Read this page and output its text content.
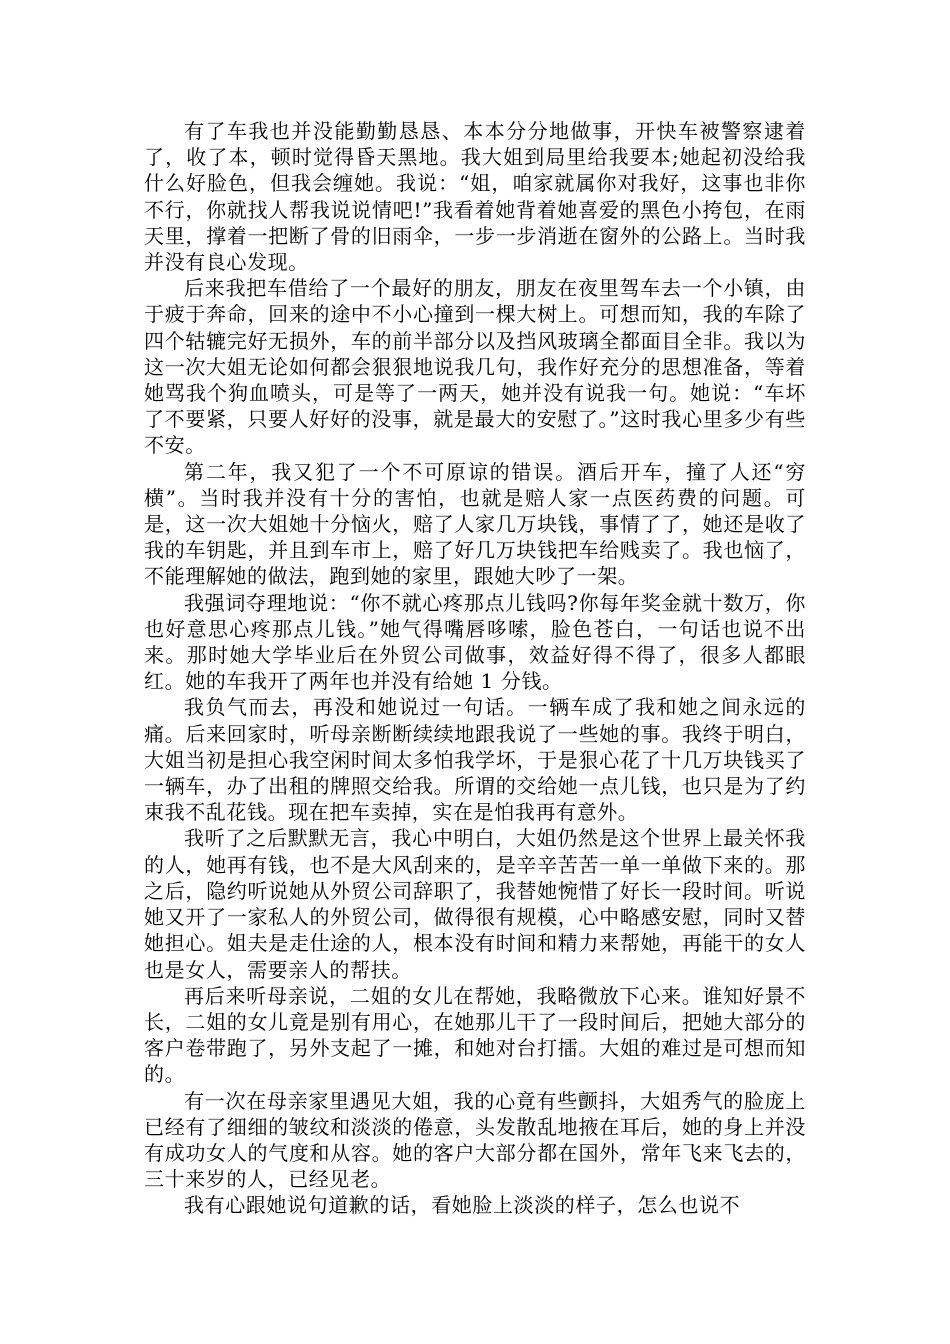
有了车我也并没能勤勤恳恳、本本分分地做事，开快车被警察逮着了，收了本，顿时觉得昏天黑地。我大姐到局里给我要本;她起初没给我什么好脸色，但我会缠她。我说：“姐，咱家就属你对我好，这事也非你不行，你就找人帮我说说情吧!”我看着她背着她喜爱的黑色小挎包，在雨天里，撑着一把断了骨的旧雨伞，一步一步消逝在窗外的公路上。当时我并没有良心发现。

后来我把车借给了一个最好的朋友，朋友在夜里驾车去一个小镇，由于疲于奔命，回来的途中不小心撞到一棵大树上。可想而知，我的车除了四个轱辘完好无损外，车的前半部分以及挡风玻璃全都面目全非。我以为这一次大姐无论如何都会狠狠地说我几句，我作好充分的思想准备，等着她骂我个狗血喷头，可是等了一两天，她并没有说我一句。她说：“车坏了不要紧，只要人好好的没事，就是最大的安慰了。”这时我心里多少有些不安。

第二年，我又犯了一个不可原谅的错误。酒后开车，撞了人还“穷横”。当时我并没有十分的害怕，也就是赔人家一点医药费的问题。可是，这一次大姐她十分恼火，赔了人家几万块钱，事情了了，她还是收了我的车钥匙，并且到车市上，赔了好几万块钱把车给贱卖了。我也恼了，不能理解她的做法，跑到她的家里，跟她大吵了一架。

我强词夺理地说：“你不就心疼那点儿钱吗?你每年奖金就十数万，你也好意思心疼那点儿钱。”她气得嘴唇哆嗦，脸色苍白，一句话也说不出来。那时她大学毕业后在外贸公司做事，效益好得不得了，很多人都眼红。她的车我开了两年也并没有给她 1 分钱。

我负气而去，再没和她说过一句话。一辆车成了我和她之间永远的痛。后来回家时，听母亲断断续续地跟我说了一些她的事。我终于明白，大姐当初是担心我空闲时间太多怕我学坏，于是狠心花了十几万块钱买了一辆车，办了出租的牌照交给我。所谓的交给她一点儿钱，也只是为了约束我不乱花钱。现在把车卖掉，实在是怕我再有意外。

我听了之后默默无言，我心中明白，大姐仍然是这个世界上最关怀我的人，她再有钱，也不是大风刮来的，是辛辛苦苦一单一单做下来的。那之后，隐约听说她从外贸公司辞职了，我替她惋惜了好长一段时间。听说她又开了一家私人的外贸公司，做得很有规模，心中略感安慰，同时又替她担心。姐夫是走仕途的人，根本没有时间和精力来帮她，再能干的女人也是女人，需要亲人的帮扶。

再后来听母亲说，二姐的女儿在帮她，我略微放下心来。谁知好景不长，二姐的女儿竟是别有用心，在她那儿干了一段时间后，把她大部分的客户卷带跑了，另外支起了一摊，和她对台打擂。大姐的难过是可想而知的。

有一次在母亲家里遇见大姐，我的心竟有些颤抖，大姐秀气的脸庞上已经有了细细的皱纹和淡淡的倦意，头发散乱地掖在耳后，她的身上并没有成功女人的气度和从容。她的客户大部分都在国外，常年飞来飞去的，三十来岁的人，已经见老。

我有心跟她说句道歉的话，看她脸上淡淡的样子，怎么也说不
